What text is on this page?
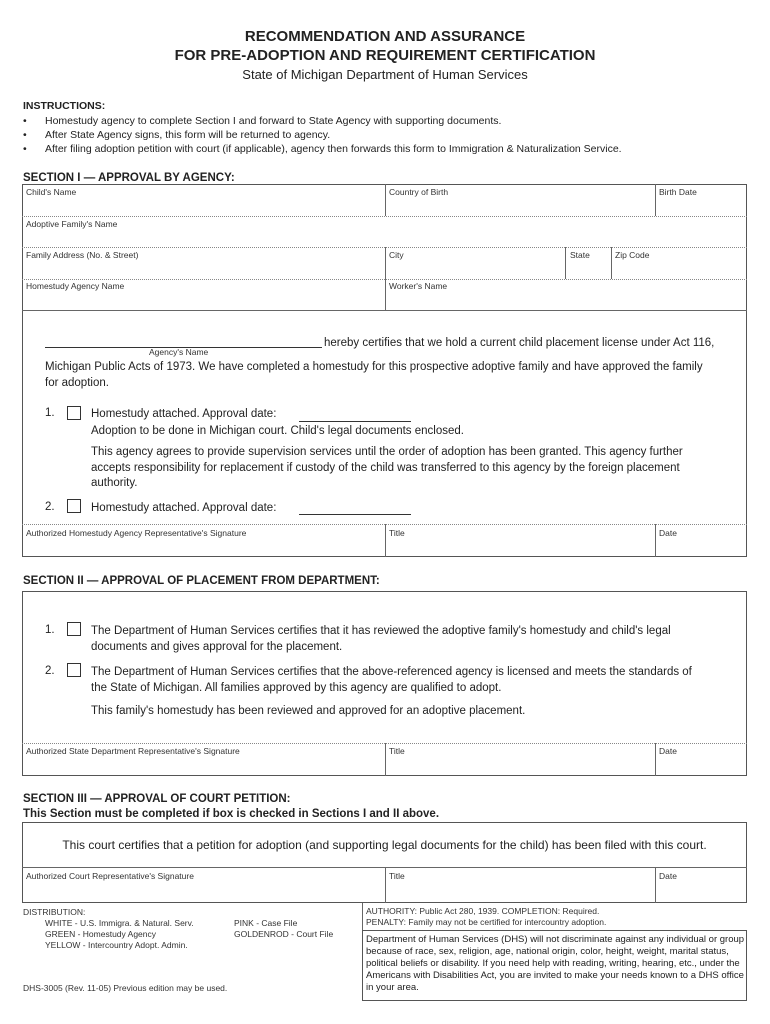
RECOMMENDATION AND ASSURANCE
FOR PRE-ADOPTION AND REQUIREMENT CERTIFICATION
State of Michigan Department of Human Services
INSTRUCTIONS:
• Homestudy agency to complete Section I and forward to State Agency with supporting documents.
• After State Agency signs, this form will be returned to agency.
• After filing adoption petition with court (if applicable), agency then forwards this form to Immigration & Naturalization Service.
SECTION I — APPROVAL BY AGENCY:
Child's Name	Country of Birth	Birth Date
Adoptive Family's Name
Family Address (No. & Street)	City	State	Zip Code
Homestudy Agency Name	Worker's Name
hereby certifies that we hold a current child placement license under Act 116,
Agency's Name
Michigan Public Acts of 1973. We have completed a homestudy for this prospective adoptive family and have approved the family
for adoption.
1.	Homestudy attached. Approval date:
Adoption to be done in Michigan court. Child's legal documents enclosed.
This agency agrees to provide supervision services until the order of adoption has been granted. This agency further
accepts responsibility for replacement if custody of the child was transferred to this agency by the foreign placement
authority.
2.	Homestudy attached. Approval date:
Authorized Homestudy Agency Representative's Signature	Title	Date
SECTION II — APPROVAL OF PLACEMENT FROM DEPARTMENT:
1.	The Department of Human Services certifies that it has reviewed the adoptive family's homestudy and child's legal
documents and gives approval for the placement.
2.	The Department of Human Services certifies that the above-referenced agency is licensed and meets the standards of
the State of Michigan. All families approved by this agency are qualified to adopt.
This family's homestudy has been reviewed and approved for an adoptive placement.
Authorized State Department Representative's Signature	Title	Date
SECTION III — APPROVAL OF COURT PETITION:
This Section must be completed if box is checked in Sections I and II above.
This court certifies that a petition for adoption (and supporting legal documents for the child) has been filed with this court.
Authorized Court Representative's Signature	Title	Date
DISTRIBUTION:
WHITE - U.S. Immigra. & Natural. Serv.
GREEN - Homestudy Agency
YELLOW - Intercountry Adopt. Admin.
PINK - Case File
GOLDENROD - Court File
DHS-3005 (Rev. 11-05) Previous edition may be used.
AUTHORITY: Public Act 280, 1939. COMPLETION: Required.
PENALTY: Family may not be certified for intercountry adoption.
Department of Human Services (DHS) will not discriminate against any individual or group because of race, sex, religion, age, national origin, color, height, weight, marital status, political beliefs or disability. If you need help with reading, writing, hearing, etc., under the Americans with Disabilities Act, you are invited to make your needs known to a DHS office in your area.
